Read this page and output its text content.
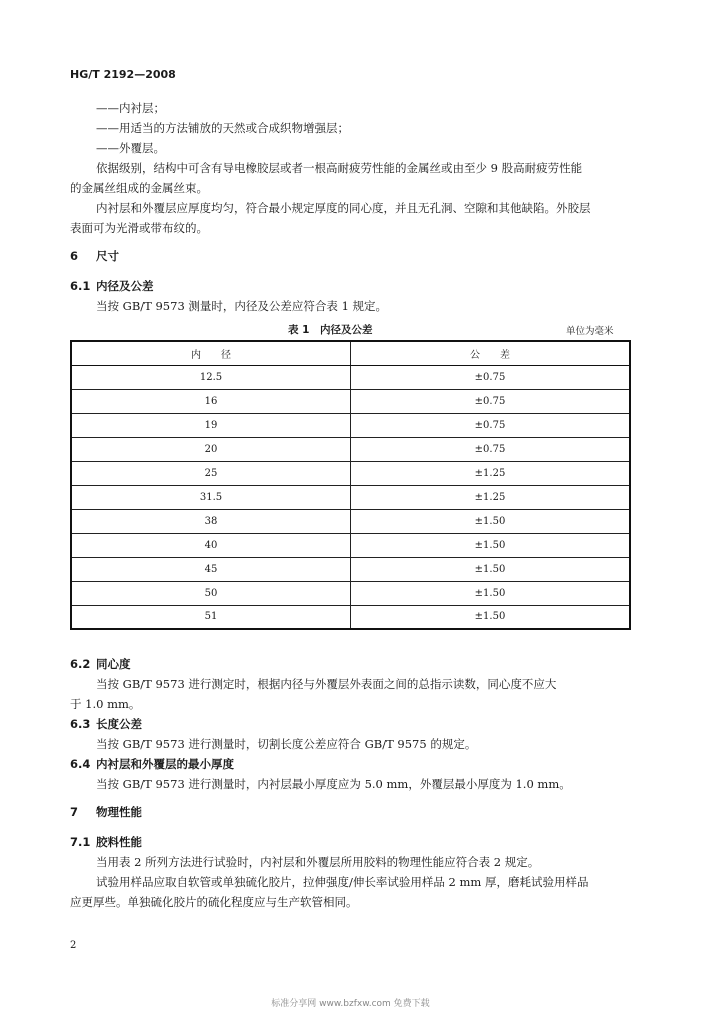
HG/T 2192—2008
——内衬层；
——用适当的方法铺放的天然或合成织物增强层；
——外覆层。
依据级别，结构中可含有导电橡胶层或者一根高耐疲劳性能的金属丝或由至少 9 股高耐疲劳性能
的金属丝组成的金属丝束。
内衬层和外覆层应厚度均匀，符合最小规定厚度的同心度，并且无孔洞、空隙和其他缺陷。外胶层
表面可为光滑或带布纹的。
6 尺寸
6.1 内径及公差
当按 GB/T 9573 测量时，内径及公差应符合表 1 规定。
表 1　内径及公差	单位为毫米
内　　径	公　　差
12.5	±0.75
16	±0.75
19	±0.75
20	±0.75
25	±1.25
31.5	±1.25
38	±1.50
40	±1.50
45	±1.50
50	±1.50
51	±1.50
6.2 同心度
当按 GB/T 9573 进行测定时，根据内径与外覆层外表面之间的总指示读数，同心度不应大
于 1.0 mm。
6.3 长度公差
当按 GB/T 9573 进行测量时，切割长度公差应符合 GB/T 9575 的规定。
6.4 内衬层和外覆层的最小厚度
当按 GB/T 9573 进行测量时，内衬层最小厚度应为 5.0 mm，外覆层最小厚度为 1.0 mm。
7 物理性能
7.1 胶料性能
当用表 2 所列方法进行试验时，内衬层和外覆层所用胶料的物理性能应符合表 2 规定。
试验用样品应取自软管或单独硫化胶片，拉伸强度/伸长率试验用样品 2 mm 厚，磨耗试验用样品
应更厚些。单独硫化胶片的硫化程度应与生产软管相同。
2
标准分享网 www.bzfxw.com 免费下载
